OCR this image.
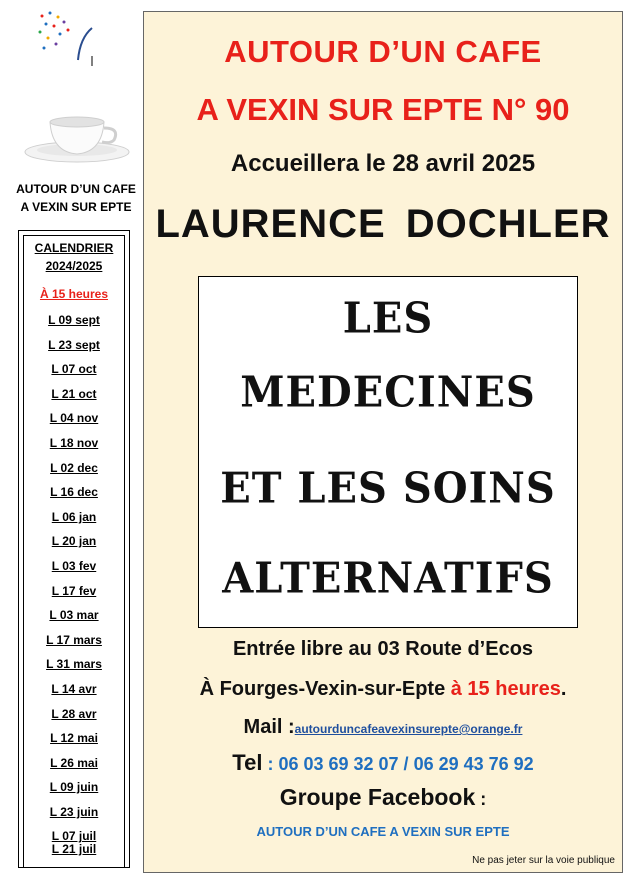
AUTOUR D’UN CAFE
A VEXIN SUR EPTE
CALENDRIER
2024/2025
À 15 heures
L 09 sept
L 23 sept
L 07 oct
L 21 oct
L 04 nov
L 18 nov
L 02 dec
L 16 dec
L 06 jan
L 20 jan
L 03 fev
L 17 fev
L 03 mar
L 17 mars
L 31 mars
L 14 avr
L 28 avr
L 12 mai
L 26 mai
L 09 juin
L 23 juin
L 07 juil
L 21 juil
AUTOUR D’UN CAFE
A VEXIN SUR EPTE N° 90
Accueillera le 28 avril 2025
LAURENCE DOCHLER
LES
MEDECINES
ET LES SOINS
ALTERNATIFS
Entrée libre au 03 Route d’Ecos
À Fourges-Vexin-sur-Epte à 15 heures.
Mail :autourduncafeavexinsurepte@orange.fr
Tel : 06 03 69 32 07 / 06 29 43 76 92
Groupe Facebook :
AUTOUR D’UN CAFE A VEXIN SUR EPTE
Ne pas jeter sur la voie publique
